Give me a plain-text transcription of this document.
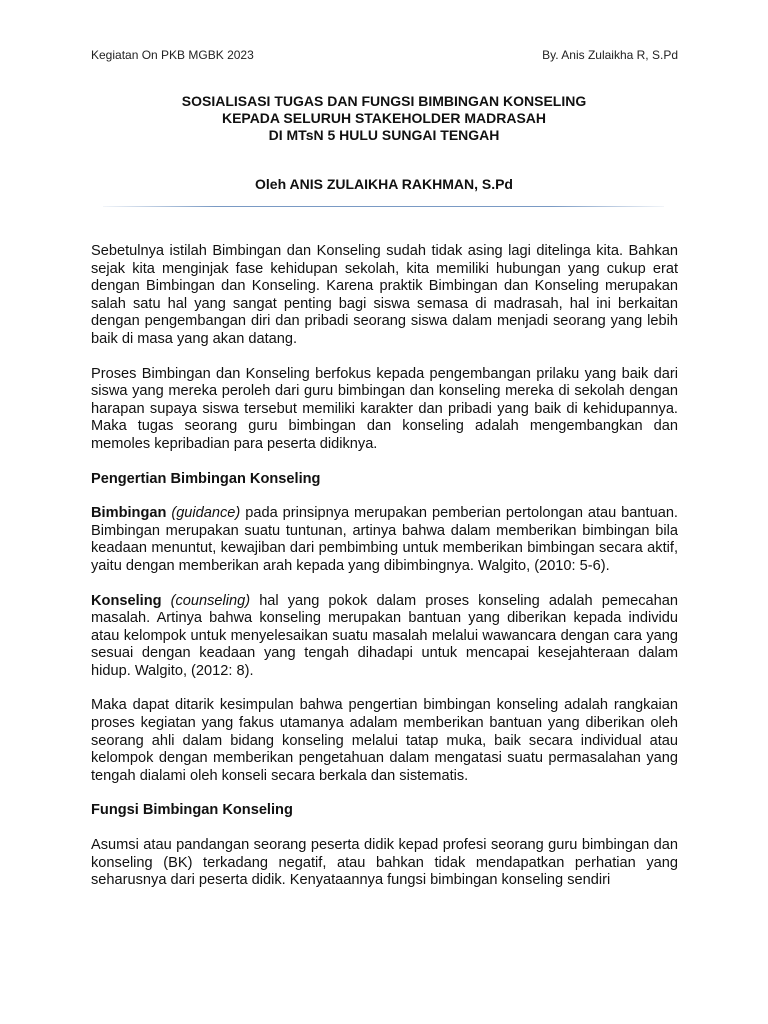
Kegiatan On PKB MGBK 2023	By. Anis Zulaikha R, S.Pd
SOSIALISASI TUGAS DAN FUNGSI BIMBINGAN KONSELING
KEPADA SELURUH STAKEHOLDER MADRASAH
DI MTsN 5 HULU SUNGAI TENGAH
Oleh ANIS ZULAIKHA RAKHMAN, S.Pd

Sebetulnya istilah Bimbingan dan Konseling sudah tidak asing lagi ditelinga kita. Bahkan sejak kita menginjak fase kehidupan sekolah, kita memiliki hubungan yang cukup erat dengan Bimbingan dan Konseling. Karena praktik Bimbingan dan Konseling merupakan salah satu hal yang sangat penting bagi siswa semasa di madrasah, hal ini berkaitan dengan pengembangan diri dan pribadi seorang siswa dalam menjadi seorang yang lebih baik di masa yang akan datang.

Proses Bimbingan dan Konseling berfokus kepada pengembangan prilaku yang baik dari siswa yang mereka peroleh dari guru bimbingan dan konseling mereka di sekolah dengan harapan supaya siswa tersebut memiliki karakter dan pribadi yang baik di kehidupannya. Maka tugas seorang guru bimbingan dan konseling adalah mengembangkan dan memoles kepribadian para peserta didiknya.

Pengertian Bimbingan Konseling

Bimbingan (guidance) pada prinsipnya merupakan pemberian pertolongan atau bantuan. Bimbingan merupakan suatu tuntunan, artinya bahwa dalam memberikan bimbingan bila keadaan menuntut, kewajiban dari pembimbing untuk memberikan bimbingan secara aktif, yaitu dengan memberikan arah kepada yang dibimbingnya. Walgito, (2010: 5-6).

Konseling (counseling) hal yang pokok dalam proses konseling adalah pemecahan masalah. Artinya bahwa konseling merupakan bantuan yang diberikan kepada individu atau kelompok untuk menyelesaikan suatu masalah melalui wawancara dengan cara yang sesuai dengan keadaan yang tengah dihadapi untuk mencapai kesejahteraan dalam hidup. Walgito, (2012: 8).

Maka dapat ditarik kesimpulan bahwa pengertian bimbingan konseling adalah rangkaian proses kegiatan yang fakus utamanya adalam memberikan bantuan yang diberikan oleh seorang ahli dalam bidang konseling melalui tatap muka, baik secara individual atau kelompok dengan memberikan pengetahuan dalam mengatasi suatu permasalahan yang tengah dialami oleh konseli secara berkala dan sistematis.

Fungsi Bimbingan Konseling

Asumsi atau pandangan seorang peserta didik kepad profesi seorang guru bimbingan dan konseling (BK) terkadang negatif, atau bahkan tidak mendapatkan perhatian yang seharusnya dari peserta didik. Kenyataannya fungsi bimbingan konseling sendiri
